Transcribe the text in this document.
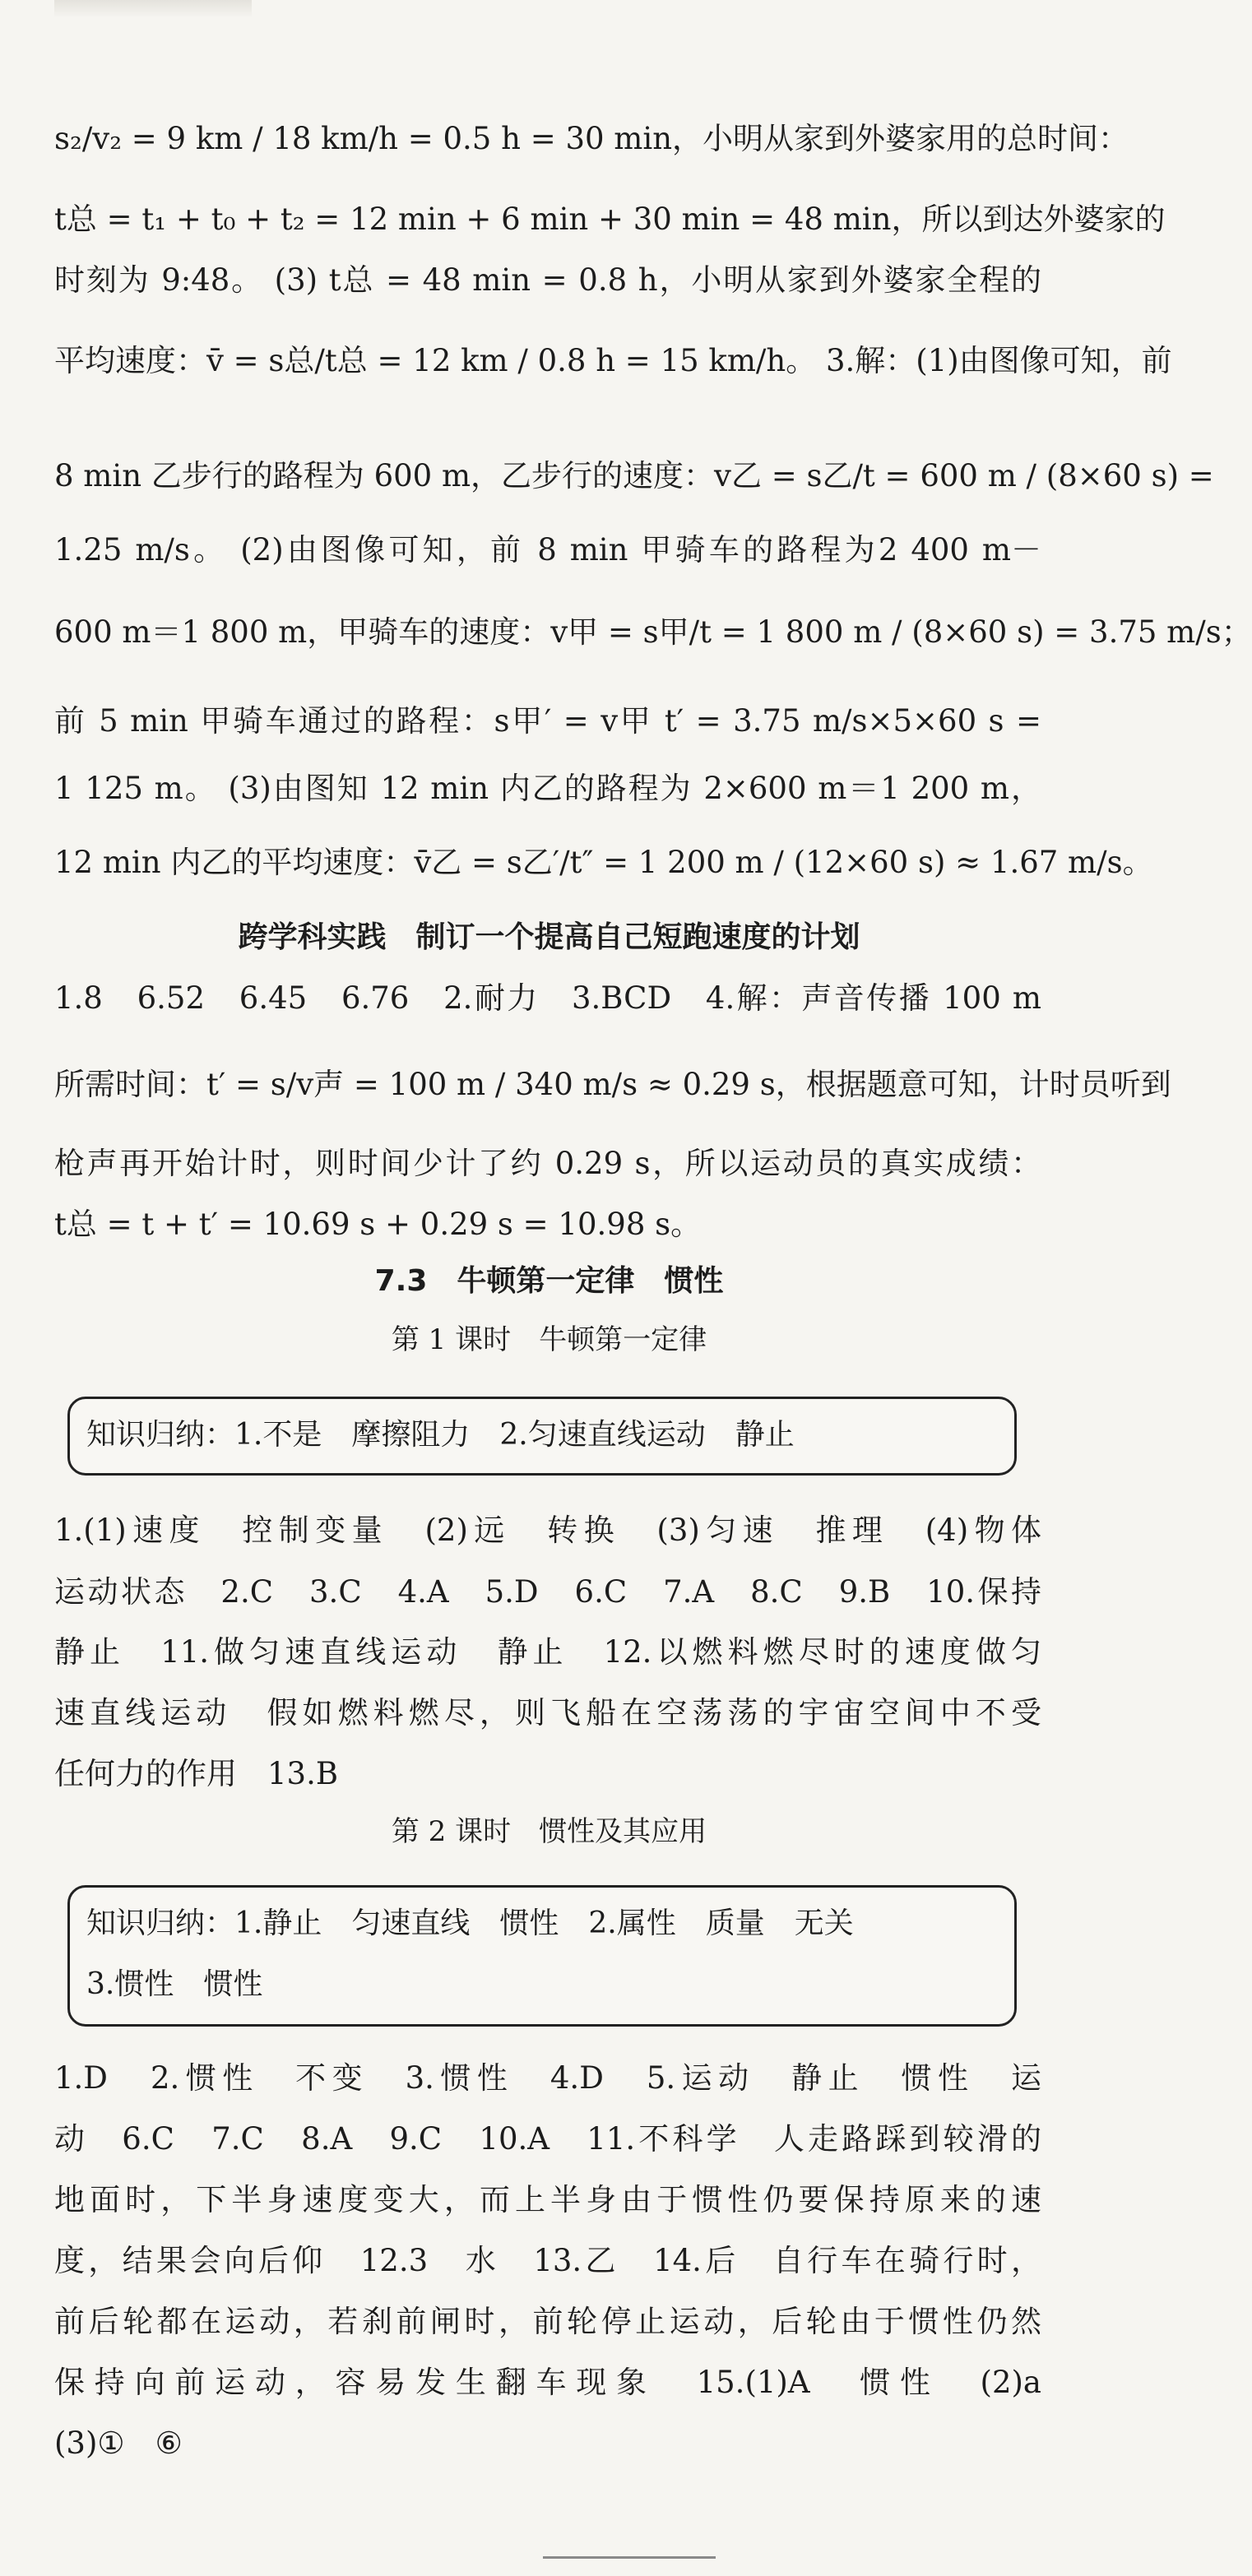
s₂/v₂ = 9 km / 18 km/h = 0.5 h = 30 min，小明从家到外婆家用的总时间：
t总 = t₁ + t₀ + t₂ = 12 min + 6 min + 30 min = 48 min，所以到达外婆家的
时刻为 9:48。 (3) t总 = 48 min = 0.8 h，小明从家到外婆家全程的
平均速度：v̄ = s总/t总 = 12 km / 0.8 h = 15 km/h。 3.解：(1)由图像可知，前
8 min 乙步行的路程为 600 m，乙步行的速度：v乙 = s乙/t = 600 m / (8×60 s) =
1.25 m/s。 (2)由图像可知，前 8 min 甲骑车的路程为2 400 m－
600 m＝1 800 m，甲骑车的速度：v甲 = s甲/t = 1 800 m / (8×60 s) = 3.75 m/s；
前 5 min 甲骑车通过的路程：s甲′ = v甲 t′ = 3.75 m/s×5×60 s =
1 125 m。 (3)由图知 12 min 内乙的路程为 2×600 m＝1 200 m，
12 min 内乙的平均速度：v̄乙 = s乙′/t″ = 1 200 m / (12×60 s) ≈ 1.67 m/s。
跨学科实践　制订一个提高自己短跑速度的计划
1.8　6.52　6.45　6.76　2.耐力　3.BCD　4.解：声音传播 100 m
所需时间：t′ = s/v声 = 100 m / 340 m/s ≈ 0.29 s，根据题意可知，计时员听到
枪声再开始计时，则时间少计了约 0.29 s，所以运动员的真实成绩：
t总 = t + t′ = 10.69 s + 0.29 s = 10.98 s。
7.3　牛顿第一定律　惯性
第 1 课时　牛顿第一定律
知识归纳：1.不是　摩擦阻力　2.匀速直线运动　静止
1.(1)速度　控制变量　(2)远　转换　(3)匀速　推理　(4)物体
运动状态　2.C　3.C　4.A　5.D　6.C　7.A　8.C　9.B　10.保持
静止　11.做匀速直线运动　静止　12.以燃料燃尽时的速度做匀
速直线运动　假如燃料燃尽，则飞船在空荡荡的宇宙空间中不受
任何力的作用　13.B
第 2 课时　惯性及其应用
知识归纳：1.静止　匀速直线　惯性　2.属性　质量　无关
3.惯性　惯性
1.D　2.惯性　不变　3.惯性　4.D　5.运动　静止　惯性　运
动　6.C　7.C　8.A　9.C　10.A　11.不科学　人走路踩到较滑的
地面时，下半身速度变大，而上半身由于惯性仍要保持原来的速
度，结果会向后仰　12.3　水　13.乙　14.后　自行车在骑行时，
前后轮都在运动，若刹前闸时，前轮停止运动，后轮由于惯性仍然
保持向前运动，容易发生翻车现象　15.(1)A　惯性　(2)a
(3)①　⑥
